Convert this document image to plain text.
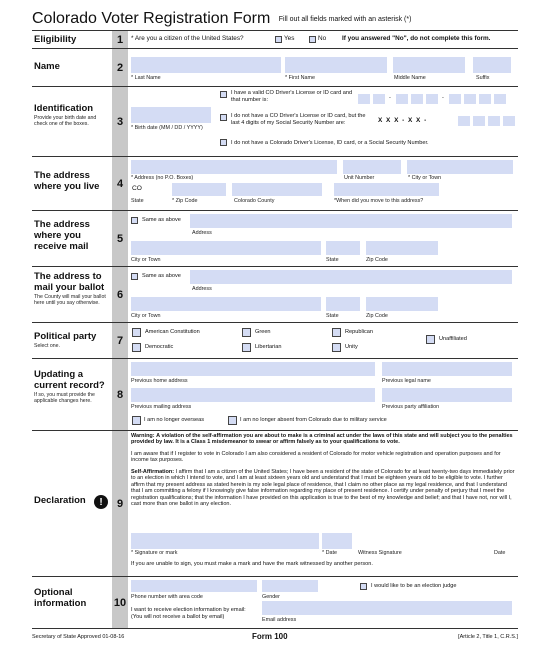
Colorado Voter Registration Form Fill out all fields marked with an asterisk (*)
Eligibility	1	* Are you a citizen of the United States?	Yes	No If you answered "No", do not complete this form.
Name	2
* Last Name	* First Name	Middle Name	Suffix
Identification
Provide your birth date and check one of the boxes.	3
* Birth date (MM / DD / YYYY)
I have a valid CO Driver's License or ID card and that number is:	-	-
I do not have a CO Driver's License or ID card, but the last 4 digits of my Social Security Number are:	X X X - X X -
I do not have a Colorado Driver's License, ID card, or a Social Security Number.
The address where you live	4	* Address (no P.O. Boxes)	Unit Number	* City or Town
CO
State	* Zip Code	Colorado County	*When did you move to this address?
The address where you receive mail
5
Same as above
Address
City or Town	State	Zip Code
The address to mail your ballot
The County will mail your ballot here until you say otherwise.
6
Same as above
Address
City or Town	State	Zip Code
Political party
Select one.	7
American Constitution
Democratic
Green
Libertarian
Republican
Unity
Unaffiliated
Updating a current record?
If so, you must provide the applicable changes here.
8
Previous home address	Previous legal name
Previous mailing address	Previous party affiliation
I am no longer overseas	I am no longer absent from Colorado due to military service
Declaration	!	9
Warning: A violation of the self-affirmation you are about to make is a criminal act under the laws of this state and will subject you to the penalties provided by law. It is a Class 1 misdemeanor to swear or affirm falsely as to your qualifications to vote.
I am aware that if I register to vote in Colorado I am also considered a resident of Colorado for motor vehicle registration and operation purposes and for income tax purposes.
Self-Affirmation: I affirm that I am a citizen of the United States; I have been a resident of the state of Colorado for at least twenty-two days immediately prior to an election in which I intend to vote, and I am at least sixteen years old and understand that I must be eighteen years old to be eligible to vote. I further affirm that my present address as stated herein is my sole legal place of residence, that I claim no other place as my legal residence, and that I understand that I am committing a felony if I knowingly give false information regarding my place of present residence. I certify under penalty of perjury that I meet the registration qualifications; that the information I have provided on this application is true to the best of my knowledge and belief; and that I have not, nor will I, cast more than one ballot in any election.
* Signature or mark	* Date	Witness Signature	Date
If you are unable to sign, you must make a mark and have the mark witnessed by another person.
Optional information	10 Phone number with area code	Gender
I would like to be an election judge
I want to receive election information by email:
(You will not receive a ballot by email)	Email address
Secretary of State Approved 01-08-16	Form 100	[Article 2, Title 1, C.R.S.]
